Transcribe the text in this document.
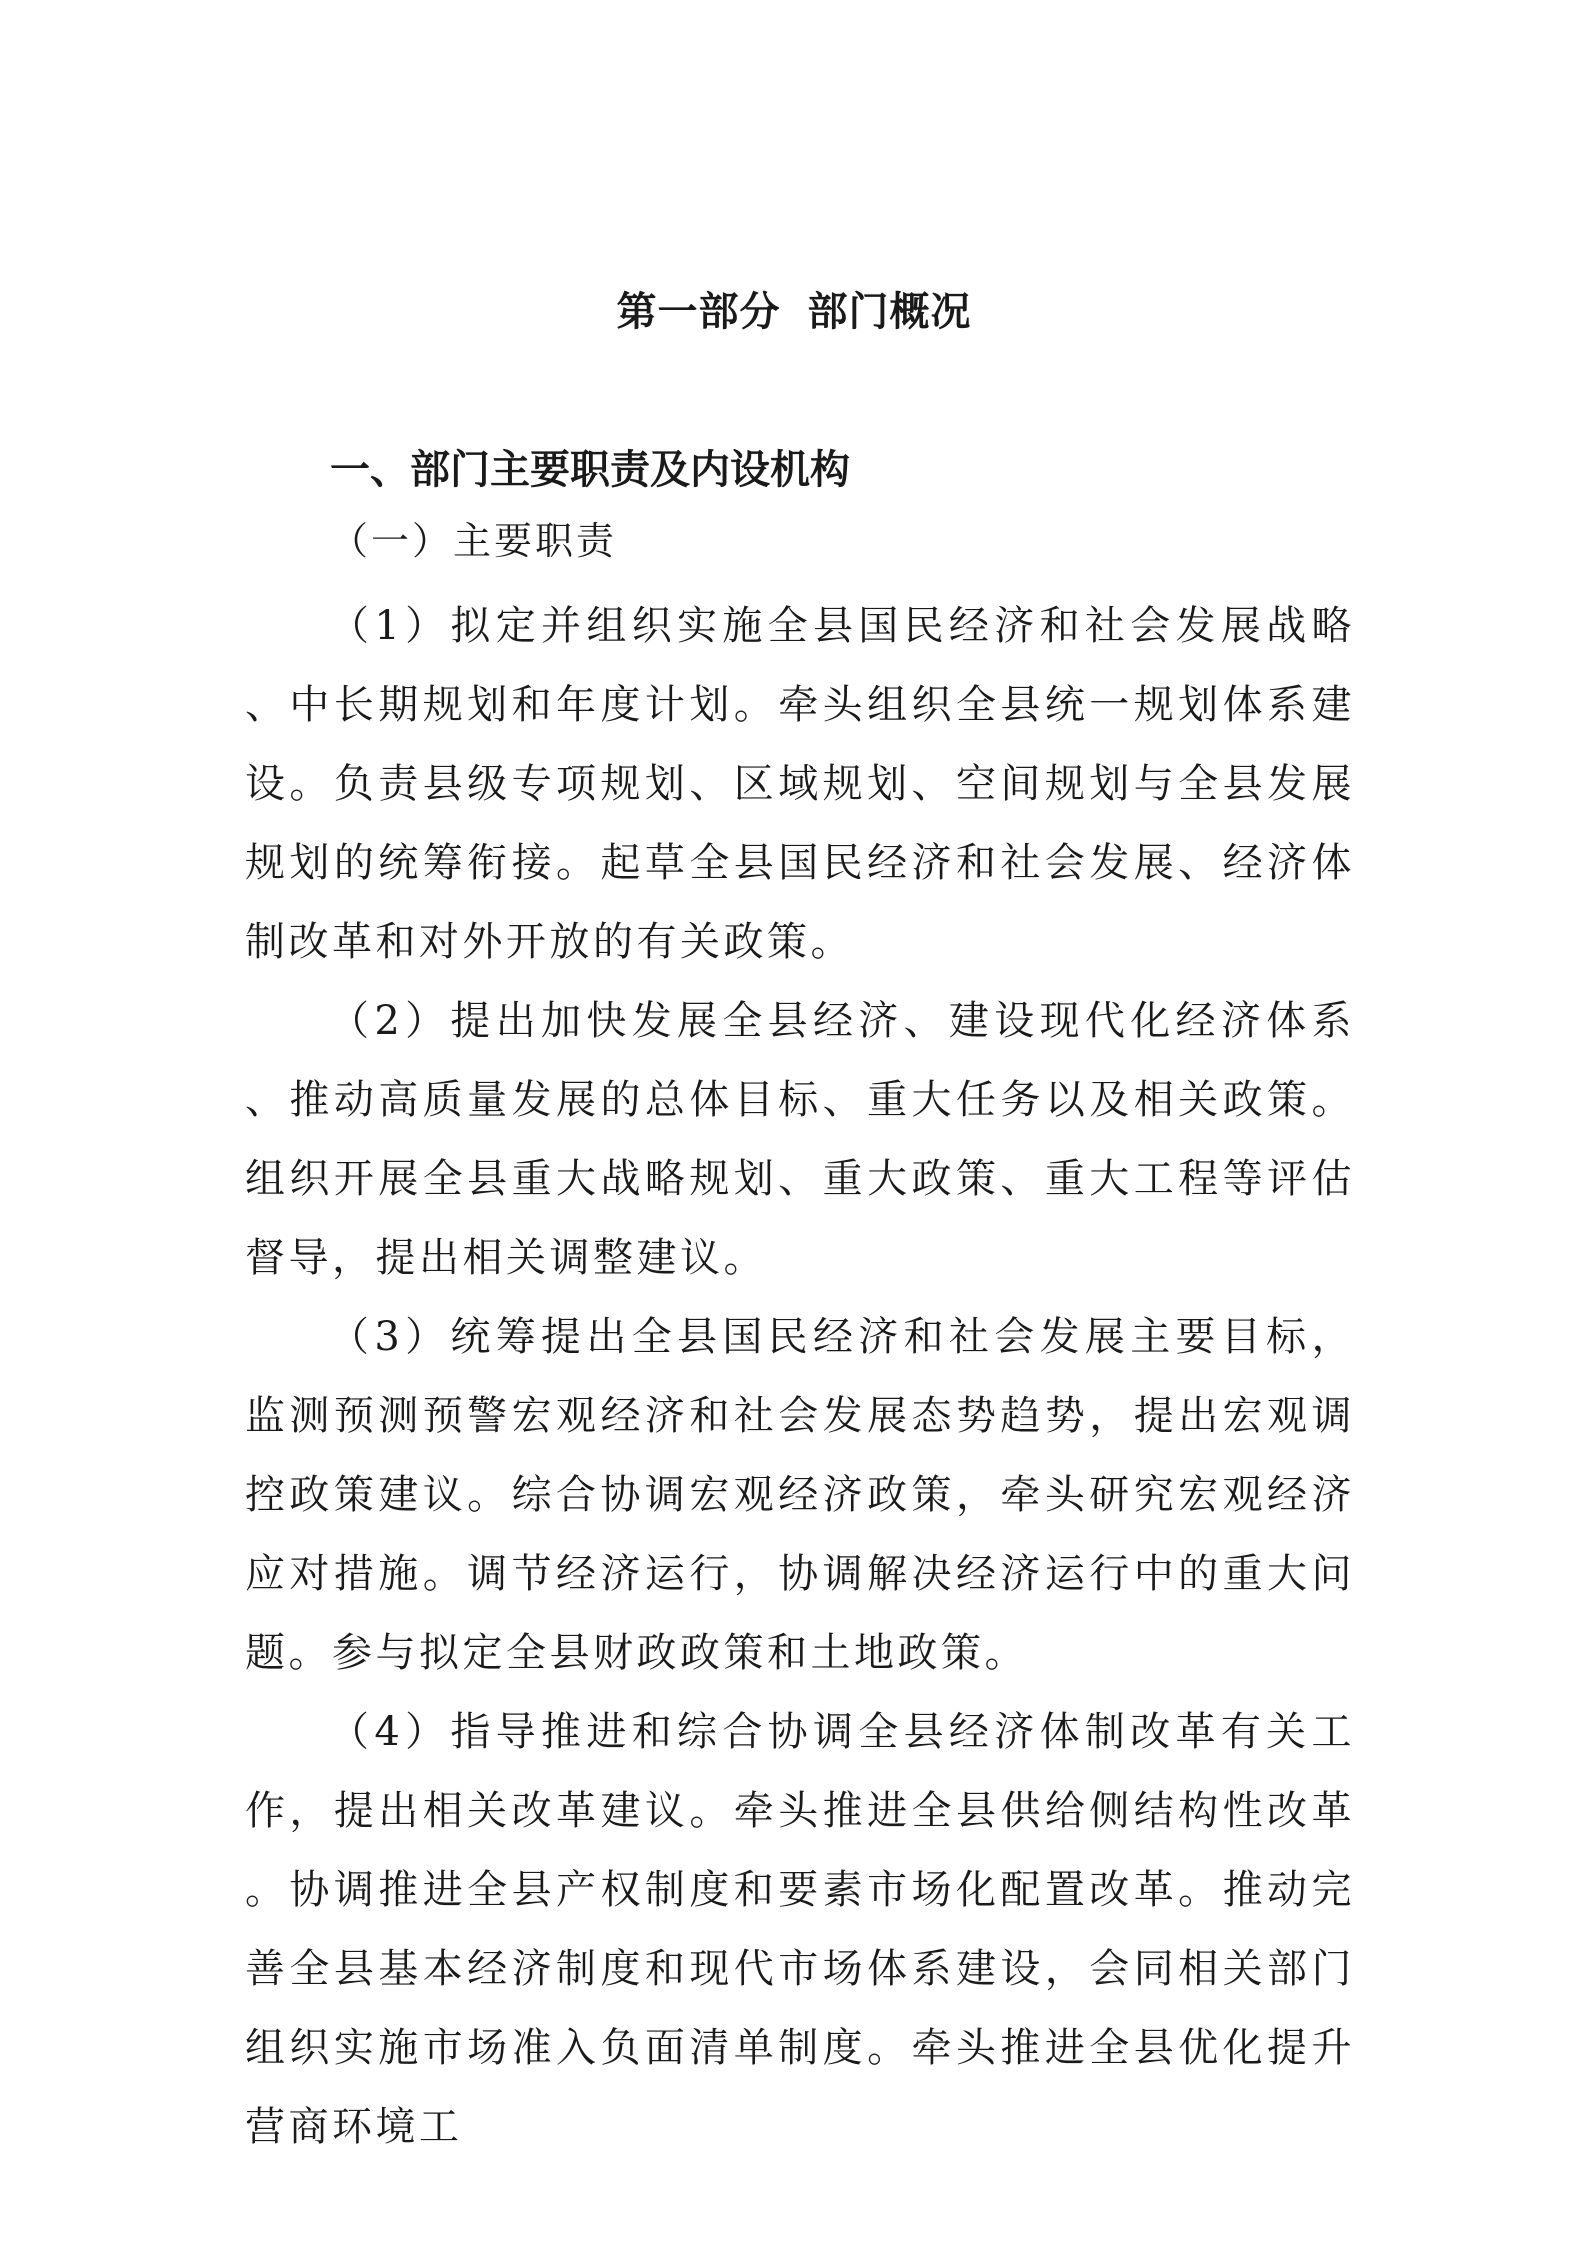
第一部分 部门概况
一、部门主要职责及内设机构
（一）主要职责

（1）拟定并组织实施全县国民经济和社会发展战略、中长期规划和年度计划。牵头组织全县统一规划体系建设。负责县级专项规划、区域规划、空间规划与全县发展规划的统筹衔接。起草全县国民经济和社会发展、经济体制改革和对外开放的有关政策。

（2）提出加快发展全县经济、建设现代化经济体系、推动高质量发展的总体目标、重大任务以及相关政策。组织开展全县重大战略规划、重大政策、重大工程等评估督导，提出相关调整建议。

（3）统筹提出全县国民经济和社会发展主要目标，监测预测预警宏观经济和社会发展态势趋势，提出宏观调控政策建议。综合协调宏观经济政策，牵头研究宏观经济应对措施。调节经济运行，协调解决经济运行中的重大问题。参与拟定全县财政政策和土地政策。

（4）指导推进和综合协调全县经济体制改革有关工作，提出相关改革建议。牵头推进全县供给侧结构性改革。协调推进全县产权制度和要素市场化配置改革。推动完善全县基本经济制度和现代市场体系建设，会同相关部门组织实施市场准入负面清单制度。牵头推进全县优化提升营商环境工
